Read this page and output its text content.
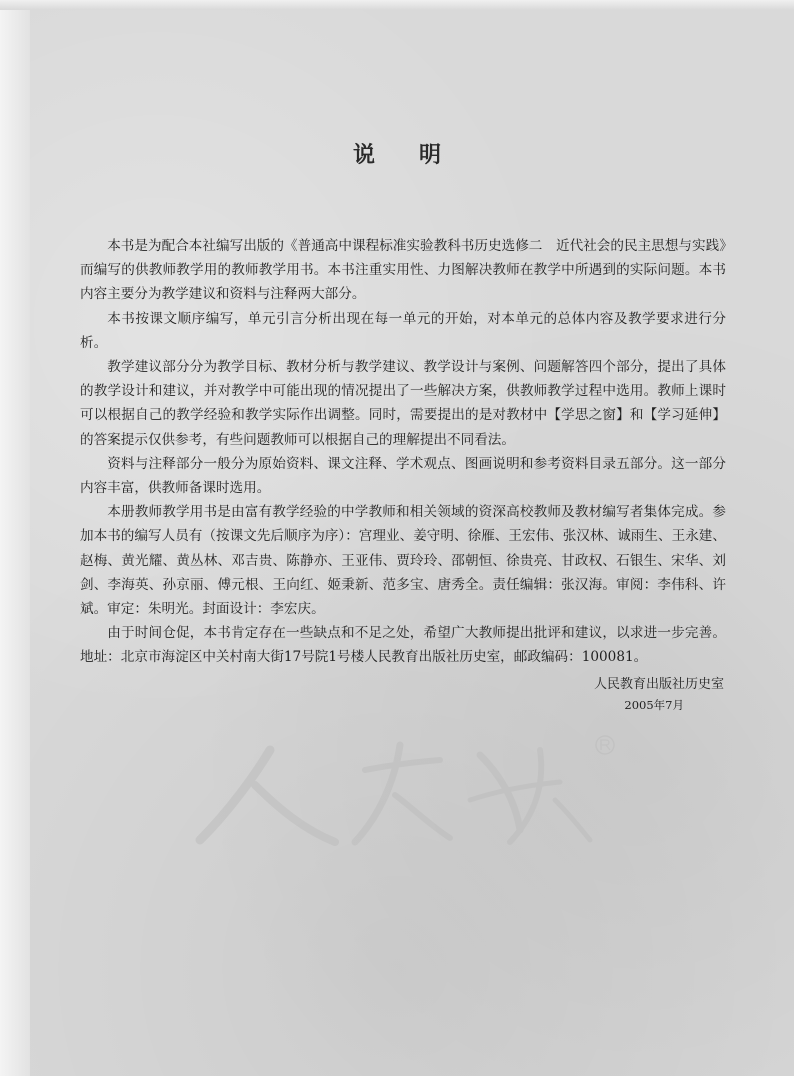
说明

本书是为配合本社编写出版的《普通高中课程标准实验教科书历史选修二　近代社会的民主思想与实践》而编写的供教师教学用的教师教学用书。本书注重实用性、力图解决教师在教学中所遇到的实际问题。本书内容主要分为教学建议和资料与注释两大部分。

本书按课文顺序编写，单元引言分析出现在每一单元的开始，对本单元的总体内容及教学要求进行分析。

教学建议部分分为教学目标、教材分析与教学建议、教学设计与案例、问题解答四个部分，提出了具体的教学设计和建议，并对教学中可能出现的情况提出了一些解决方案，供教师教学过程中选用。教师上课时可以根据自己的教学经验和教学实际作出调整。同时，需要提出的是对教材中【学思之窗】和【学习延伸】的答案提示仅供参考，有些问题教师可以根据自己的理解提出不同看法。

资料与注释部分一般分为原始资料、课文注释、学术观点、图画说明和参考资料目录五部分。这一部分内容丰富，供教师备课时选用。

本册教师教学用书是由富有教学经验的中学教师和相关领域的资深高校教师及教材编写者集体完成。参加本书的编写人员有（按课文先后顺序为序）：宫理业、姜守明、徐雁、王宏伟、张汉林、诚雨生、王永建、赵梅、黄光耀、黄丛林、邓吉贵、陈静亦、王亚伟、贾玲玲、邵朝恒、徐贵亮、甘政权、石银生、宋华、刘剑、李海英、孙京丽、傅元根、王向红、姬秉新、范多宝、唐秀全。责任编辑：张汉海。审阅：李伟科、许斌。审定：朱明光。封面设计：李宏庆。

由于时间仓促，本书肯定存在一些缺点和不足之处，希望广大教师提出批评和建议，以求进一步完善。地址：北京市海淀区中关村南大街17号院1号楼人民教育出版社历史室，邮政编码：100081。

人民教育出版社历史室
2005年7月
